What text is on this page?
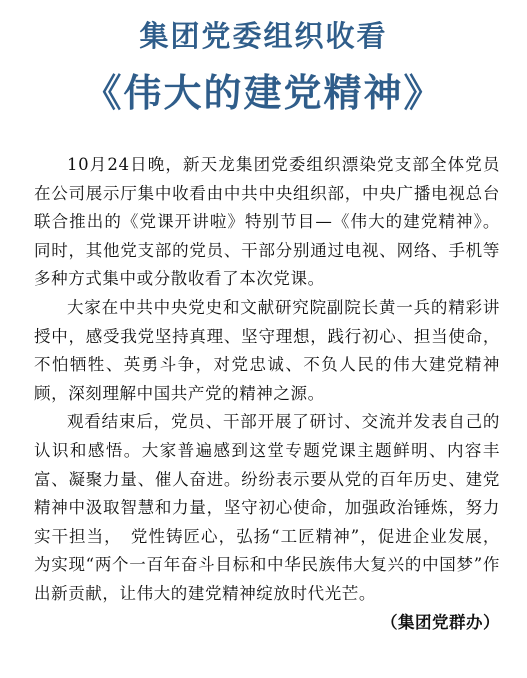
集团党委组织收看
《伟大的建党精神》

10月24日晚，新天龙集团党委组织漂染党支部全体党员在公司展示厅集中收看由中共中央组织部，中央广播电视总台联合推出的《党课开讲啦》特别节目—《伟大的建党精神》。同时，其他党支部的党员、干部分别通过电视、网络、手机等多种方式集中或分散收看了本次党课。

大家在中共中央党史和文献研究院副院长黄一兵的精彩讲授中，感受我党坚持真理、坚守理想，践行初心、担当使命，不怕牺牲、英勇斗争，对党忠诚、不负人民的伟大建党精神顾，深刻理解中国共产党的精神之源。

观看结束后，党员、干部开展了研讨、交流并发表自己的认识和感悟。大家普遍感到这堂专题党课主题鲜明、内容丰富、凝聚力量、催人奋进。纷纷表示要从党的百年历史、建党精神中汲取智慧和力量，坚守初心使命，加强政治锤炼，努力实干担当，　党性铸匠心，弘扬“工匠精神”，促进企业发展，为实现“两个一百年奋斗目标和中华民族伟大复兴的中国梦”作出新贡献，让伟大的建党精神绽放时代光芒。
（集团党群办）
